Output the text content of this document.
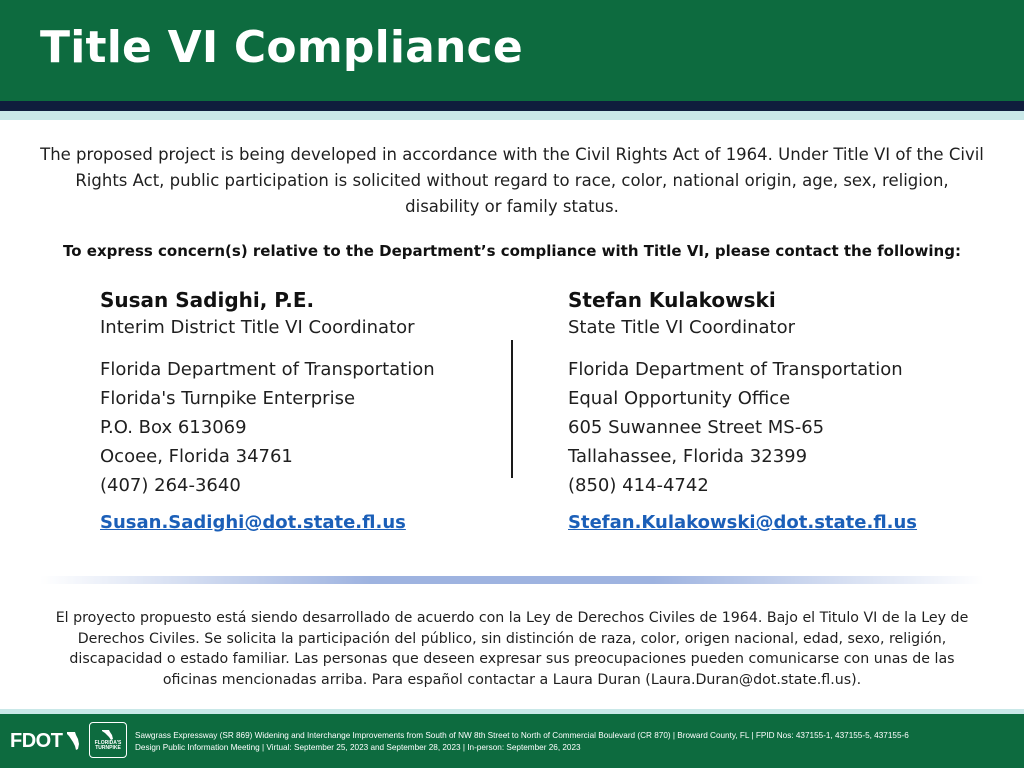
Title VI Compliance

The proposed project is being developed in accordance with the Civil Rights Act of 1964. Under Title VI of the Civil Rights Act, public participation is solicited without regard to race, color, national origin, age, sex, religion, disability or family status.

To express concern(s) relative to the Department’s compliance with Title VI, please contact the following:

Susan Sadighi, P.E.
Interim District Title VI Coordinator
Florida Department of Transportation
Florida's Turnpike Enterprise
P.O. Box 613069
Ocoee, Florida 34761
(407) 264-3640
Susan.Sadighi@dot.state.fl.us
Stefan Kulakowski
State Title VI Coordinator
Florida Department of Transportation
Equal Opportunity Office
605 Suwannee Street MS-65
Tallahassee, Florida 32399
(850) 414-4742
Stefan.Kulakowski@dot.state.fl.us

El proyecto propuesto está siendo desarrollado de acuerdo con la Ley de Derechos Civiles de 1964. Bajo el Titulo VI de la Ley de Derechos Civiles. Se solicita la participación del público, sin distinción de raza, color, origen nacional, edad, sexo, religión, discapacidad o estado familiar. Las personas que deseen expresar sus preocupaciones pueden comunicarse con unas de las oficinas mencionadas arriba. Para español contactar a Laura Duran (Laura.Duran@dot.state.fl.us).

FDOT	FLORIDA'S TURNPIKE
Sawgrass Expressway (SR 869) Widening and Interchange Improvements from South of NW 8th Street to North of Commercial Boulevard (CR 870) | Broward County, FL | FPID Nos: 437155-1, 437155-5, 437155-6
Design Public Information Meeting | Virtual: September 25, 2023 and September 28, 2023 | In-person: September 26, 2023
